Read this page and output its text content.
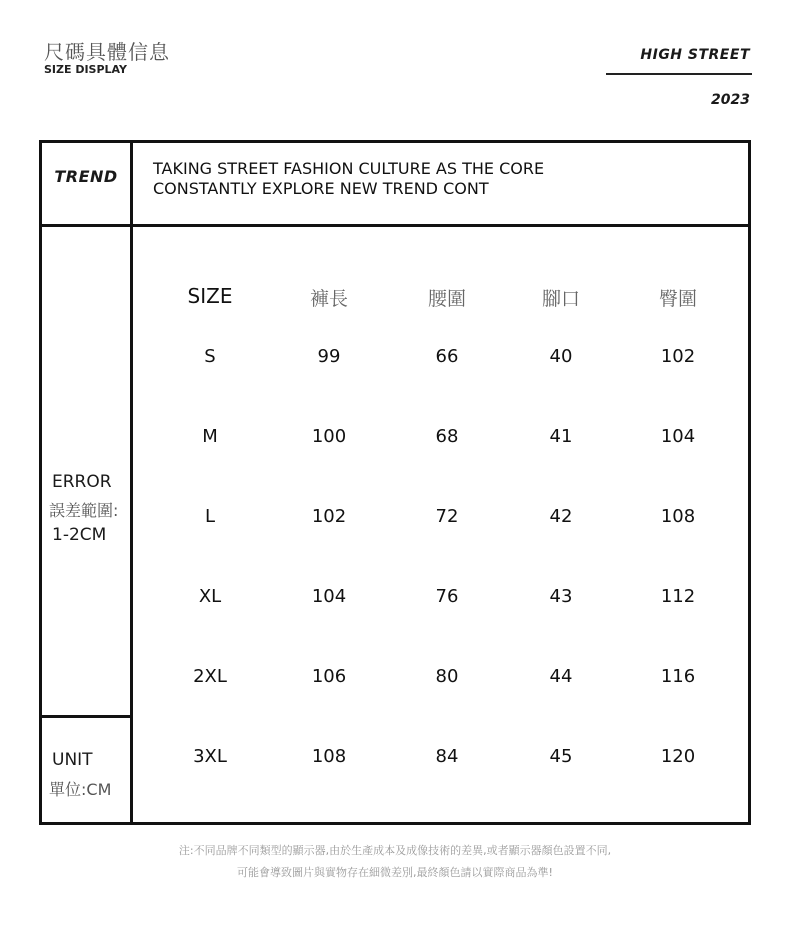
尺碼具體信息
SIZE DISPLAY
HIGH STREET
2023
TREND	TAKING STREET FASHION CULTURE AS THE CORE
CONSTANTLY EXPLORE NEW TREND CONT
ERROR
誤差範圍:
1-2CM
UNIT
單位:CM
SIZE	褲長	腰圍	腳口	臀圍
S	99	66	40	102
M	100	68	41	104
L	102	72	42	108
XL	104	76	43	112
2XL	106	80	44	116
3XL	108	84	45	120
注:不同品牌不同類型的顯示器,由於生產成本及成像技術的差異,或者顯示器顏色設置不同,
可能會導致圖片與實物存在細微差別,最終顏色請以實際商品為準!
